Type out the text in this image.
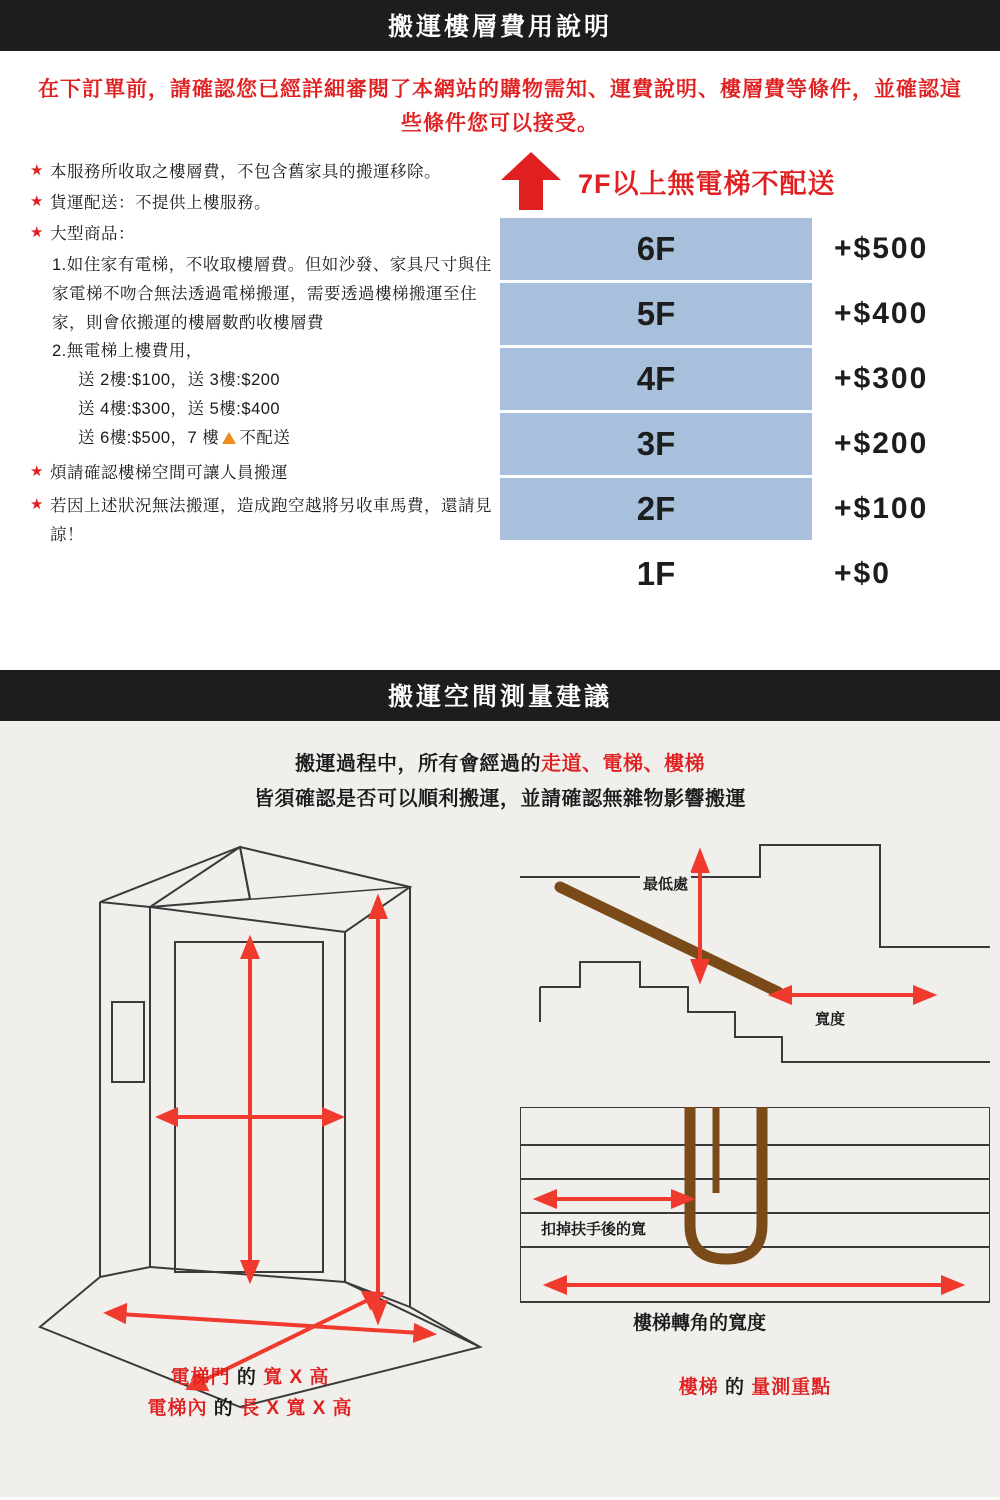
搬運樓層費用說明
在下訂單前，請確認您已經詳細審閱了本網站的購物需知、運費說明、樓層費等條件，並確認這些條件您可以接受。
★ 本服務所收取之樓層費，不包含舊家具的搬運移除。
★ 貨運配送：不提供上樓服務。
★ 大型商品：
1.如住家有電梯，不收取樓層費。但如沙發、家具尺寸與住家電梯不吻合無法透過電梯搬運，需要透過樓梯搬運至住家，則會依搬運的樓層數酌收樓層費
2.無電梯上樓費用，
送 2樓:$100，送 3樓:$200
送 4樓:$300，送 5樓:$400
送 6樓:$500，7 樓 不配送
★ 煩請確認樓梯空間可讓人員搬運
★ 若因上述狀況無法搬運，造成跑空越將另收車馬費，還請見諒！
7F以上無電梯不配送
6F	+$500
5F	+$400
4F	+$300
3F	+$200
2F	+$100
1F	+$0
搬運空間測量建議
搬運過程中，所有會經過的走道、電梯、樓梯
皆須確認是否可以順利搬運，並請確認無雜物影響搬運
電梯門 的 寬 X 高
電梯內 的 長 X 寬 X 高
最低處
寬度
扣掉扶手後的寬
樓梯轉角的寬度
樓梯 的 量測重點
